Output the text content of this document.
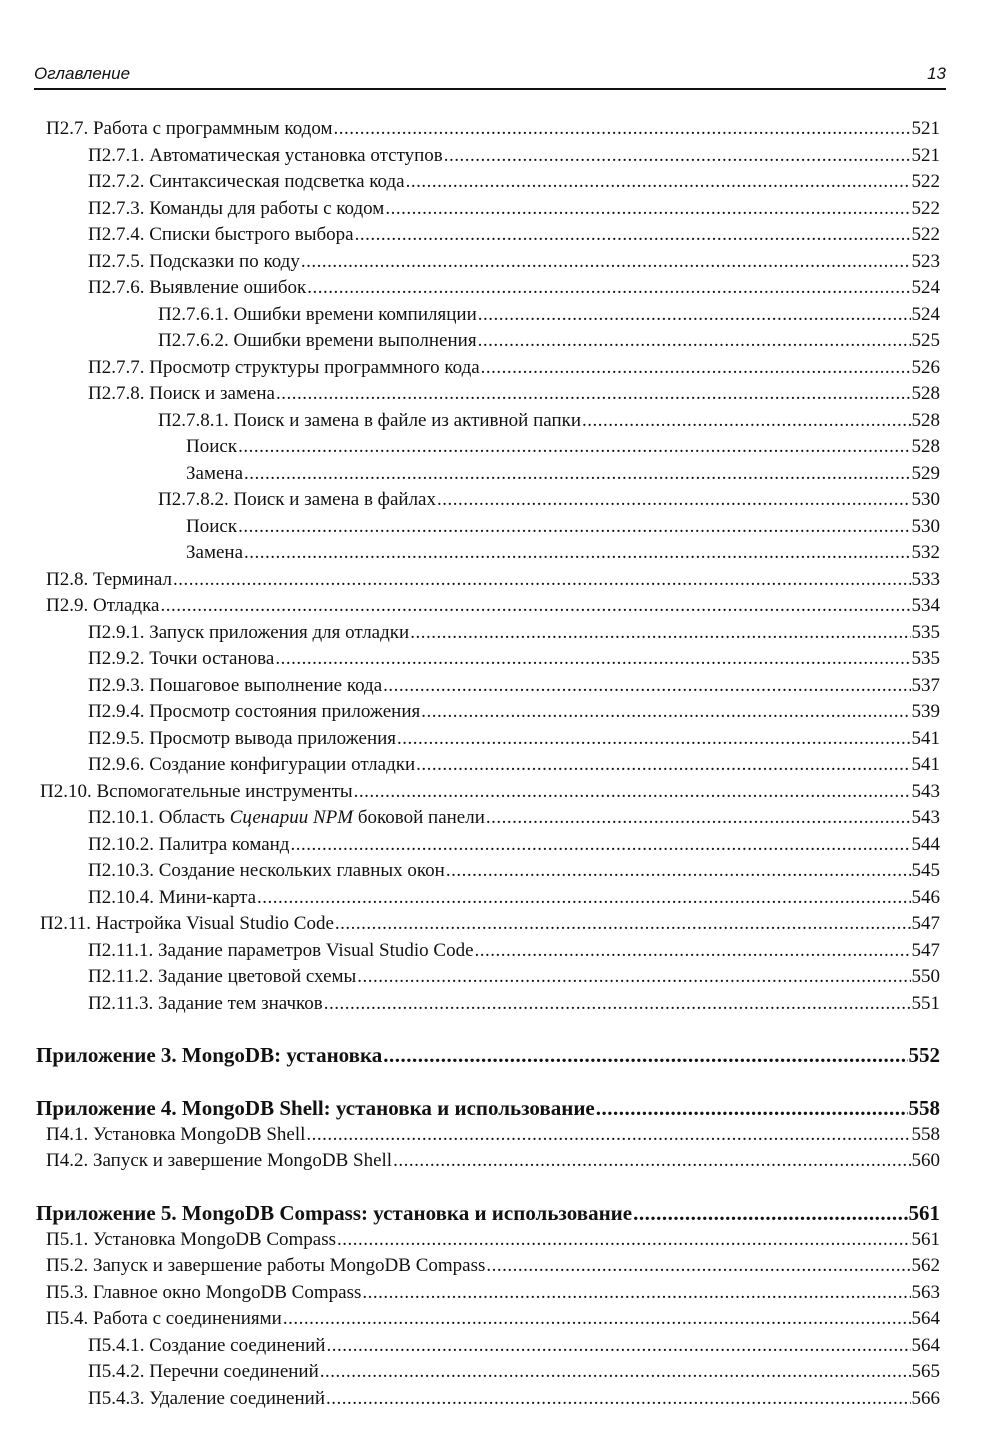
Оглавление	13
П2.7. Работа с программным кодом .....	521
П2.7.1. Автоматическая установка отступов .....	521
П2.7.2. Синтаксическая подсветка кода .....	522
П2.7.3. Команды для работы с кодом .....	522
П2.7.4. Списки быстрого выбора .....	522
П2.7.5. Подсказки по коду .....	523
П2.7.6. Выявление ошибок .....	524
П2.7.6.1. Ошибки времени компиляции .....	524
П2.7.6.2. Ошибки времени выполнения .....	525
П2.7.7. Просмотр структуры программного кода .....	526
П2.7.8. Поиск и замена .....	528
П2.7.8.1. Поиск и замена в файле из активной папки .....	528
Поиск .....	528
Замена .....	529
П2.7.8.2. Поиск и замена в файлах .....	530
Поиск .....	530
Замена .....	532
П2.8. Терминал .....	533
П2.9. Отладка .....	534
П2.9.1. Запуск приложения для отладки .....	535
П2.9.2. Точки останова .....	535
П2.9.3. Пошаговое выполнение кода .....	537
П2.9.4. Просмотр состояния приложения .....	539
П2.9.5. Просмотр вывода приложения .....	541
П2.9.6. Создание конфигурации отладки .....	541
П2.10. Вспомогательные инструменты .....	543
П2.10.1. Область Сценарии NPM боковой панели .....	543
П2.10.2. Палитра команд .....	544
П2.10.3. Создание нескольких главных окон .....	545
П2.10.4. Мини-карта .....	546
П2.11. Настройка Visual Studio Code .....	547
П2.11.1. Задание параметров Visual Studio Code .....	547
П2.11.2. Задание цветовой схемы .....	550
П2.11.3. Задание тем значков .....	551
Приложение 3. MongoDB: установка .....	552
Приложение 4. MongoDB Shell: установка и использование .....	558
П4.1. Установка MongoDB Shell .....	558
П4.2. Запуск и завершение MongoDB Shell .....	560
Приложение 5. MongoDB Compass: установка и использование .....	561
П5.1. Установка MongoDB Compass .....	561
П5.2. Запуск и завершение работы MongoDB Compass .....	562
П5.3. Главное окно MongoDB Compass .....	563
П5.4. Работа с соединениями .....	564
П5.4.1. Создание соединений .....	564
П5.4.2. Перечни соединений .....	565
П5.4.3. Удаление соединений .....	566
